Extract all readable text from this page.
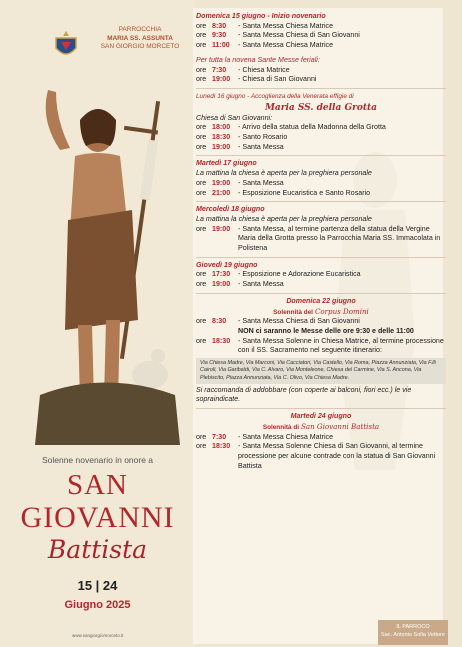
PARROCCHIA
MARIA SS. ASSUNTA
SAN GIORGIO MORCETO
Solenne novenario in onore a
SAN
GIOVANNI
Battista
15 | 24
Giugno 2025
www.sangiorgiomorceto.it
Domenica 15 giugno - Inizio novenario
ore 8:30	- Santa Messa Chiesa Matrice
ore 9:30	- Santa Messa Chiesa di San Giovanni
ore 11:00	- Santa Messa Chiesa Matrice
Per tutta la novena Sante Messe feriali:
ore 7:30	- Chiesa Matrice
ore 19:00	- Chiesa di San Giovanni
Lunedì 16 giugno - Accoglienza della Venerata effigie di
Maria SS. della Grotta
Chiesa di San Giovanni:
ore 18:00	- Arrivo della statua della Madonna della Grotta
ore 18:30	- Santo Rosario
ore 19:00	- Santa Messa
Martedì 17 giugno
La mattina la chiesa è aperta per la preghiera personale
ore 19:00	- Santa Messa
ore 21:00	- Esposizione Eucaristica e Santo Rosario
Mercoledì 18 giugno
La mattina la chiesa è aperta per la preghiera personale
ore 19:00	- Santa Messa, al termine partenza della statua della Vergine Maria della Grotta presso la Parrocchia Maria SS. Immacolata in Polistena
Giovedì 19 giugno
ore 17:30	- Esposizione e Adorazione Eucaristica
ore 19:00	- Santa Messa
Domenica 22 giugno
Solennità del Corpus Domini
ore 8:30	- Santa Messa Chiesa di San Giovanni
NON ci saranno le Messe delle ore 9:30 e delle 11:00
ore 18:30	- Santa Messa Solenne in Chiesa Matrice, al termine processione con il SS. Sacramento nel seguente itinerario:
Via Chiesa Madre, Via Marconi, Via Cacciatori, Via Castello, Via Roma, Piazza Annunziata, Via F.lli Cairoli, Via Garibaldi, Via C. Alvaro, Via Monteleone, Chiesa del Carmine, Via S. Ancona, Via Plebiscito, Piazza Annunziata, Via C. Olivo, Via Chiesa Madre.
Si raccomanda di addobbare (con coperte ai balconi, fiori ecc.) le vie sopraindicate.
Martedì 24 giugno
Solennità di San Giovanni Battista
ore 7:30	- Santa Messa Chiesa Matrice
ore 18:30	- Santa Messa Solenne Chiesa di San Giovanni, al termine processione per alcune contrade con la statua di San Giovanni Battista
IL PARROCO
Sac. Antonio Sofia Vettore
